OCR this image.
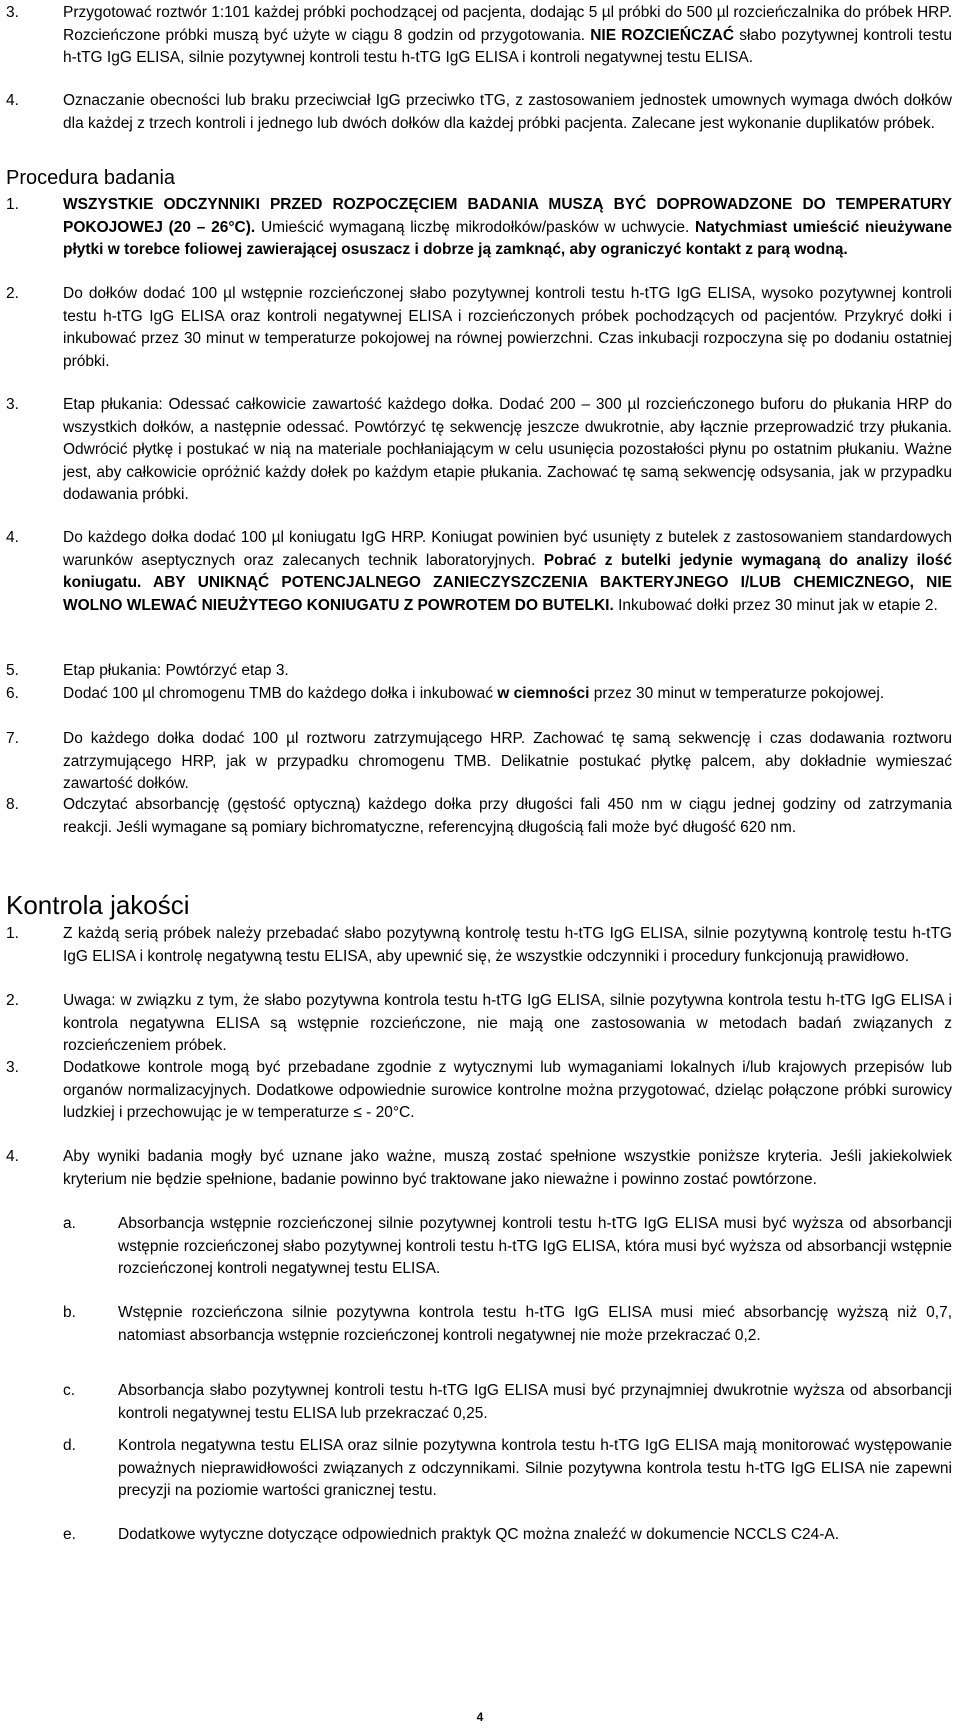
3.	Przygotować roztwór 1:101 każdej próbki pochodzącej od pacjenta, dodając 5 µl próbki do 500 µl rozcieńczalnika do próbek HRP. Rozcieńczone próbki muszą być użyte w ciągu 8 godzin od przygotowania. NIE ROZCIEŃCZAĆ słabo pozytywnej kontroli testu h-tTG IgG ELISA, silnie pozytywnej kontroli testu h-tTG IgG ELISA i kontroli negatywnej testu ELISA.
4.	Oznaczanie obecności lub braku przeciwciał IgG przeciwko tTG, z zastosowaniem jednostek umownych wymaga dwóch dołków dla każdej z trzech kontroli i jednego lub dwóch dołków dla każdej próbki pacjenta. Zalecane jest wykonanie duplikatów próbek.
Procedura badania
1.	WSZYSTKIE ODCZYNNIKI PRZED ROZPOCZĘCIEM BADANIA MUSZĄ BYĆ DOPROWADZONE DO TEMPERATURY POKOJOWEJ (20 – 26°C). Umieścić wymaganą liczbę mikrodołków/pasków w uchwycie. Natychmiast umieścić nieużywane płytki w torebce foliowej zawierającej osuszacz i dobrze ją zamknąć, aby ograniczyć kontakt z parą wodną.
2.	Do dołków dodać 100 µl wstępnie rozcieńczonej słabo pozytywnej kontroli testu h-tTG IgG ELISA, wysoko pozytywnej kontroli testu h-tTG IgG ELISA oraz kontroli negatywnej ELISA i rozcieńczonych próbek pochodzących od pacjentów. Przykryć dołki i inkubować przez 30 minut w temperaturze pokojowej na równej powierzchni. Czas inkubacji rozpoczyna się po dodaniu ostatniej próbki.
3.	Etap płukania: Odessać całkowicie zawartość każdego dołka. Dodać 200 – 300 µl rozcieńczonego buforu do płukania HRP do wszystkich dołków, a następnie odessać. Powtórzyć tę sekwencję jeszcze dwukrotnie, aby łącznie przeprowadzić trzy płukania. Odwrócić płytkę i postukać w nią na materiale pochłaniającym w celu usunięcia pozostałości płynu po ostatnim płukaniu. Ważne jest, aby całkowicie opróżnić każdy dołek po każdym etapie płukania. Zachować tę samą sekwencję odsysania, jak w przypadku dodawania próbki.
4.	Do każdego dołka dodać 100 µl koniugatu IgG HRP. Koniugat powinien być usunięty z butelek z zastosowaniem standardowych warunków aseptycznych oraz zalecanych technik laboratoryjnych. Pobrać z butelki jedynie wymaganą do analizy ilość koniugatu. ABY UNIKNĄĆ POTENCJALNEGO ZANIECZYSZCZENIA BAKTERYJNEGO I/LUB CHEMICZNEGO, NIE WOLNO WLEWAĆ NIEUŻYTEGO KONIUGATU Z POWROTEM DO BUTELKI. Inkubować dołki przez 30 minut jak w etapie 2.
5.	Etap płukania: Powtórzyć etap 3.
6.	Dodać 100 µl chromogenu TMB do każdego dołka i inkubować w ciemności przez 30 minut w temperaturze pokojowej.
7.	Do każdego dołka dodać 100 µl roztworu zatrzymującego HRP. Zachować tę samą sekwencję i czas dodawania roztworu zatrzymującego HRP, jak w przypadku chromogenu TMB. Delikatnie postukać płytkę palcem, aby dokładnie wymieszać zawartość dołków.
8.	Odczytać absorbancję (gęstość optyczną) każdego dołka przy długości fali 450 nm w ciągu jednej godziny od zatrzymania reakcji. Jeśli wymagane są pomiary bichromatyczne, referencyjną długością fali może być długość 620 nm.
Kontrola jakości
1.	Z każdą serią próbek należy przebadać słabo pozytywną kontrolę testu h-tTG IgG ELISA, silnie pozytywną kontrolę testu h-tTG IgG ELISA i kontrolę negatywną testu ELISA, aby upewnić się, że wszystkie odczynniki i procedury funkcjonują prawidłowo.
2.	Uwaga: w związku z tym, że słabo pozytywna kontrola testu h-tTG IgG ELISA, silnie pozytywna kontrola testu h-tTG IgG ELISA i kontrola negatywna ELISA są wstępnie rozcieńczone, nie mają one zastosowania w metodach badań związanych z rozcieńczeniem próbek.
3.	Dodatkowe kontrole mogą być przebadane zgodnie z wytycznymi lub wymaganiami lokalnych i/lub krajowych przepisów lub organów normalizacyjnych. Dodatkowe odpowiednie surowice kontrolne można przygotować, dzieląc połączone próbki surowicy ludzkiej i przechowując je w temperaturze ≤ - 20°C.
4.	Aby wyniki badania mogły być uznane jako ważne, muszą zostać spełnione wszystkie poniższe kryteria. Jeśli jakiekolwiek kryterium nie będzie spełnione, badanie powinno być traktowane jako nieważne i powinno zostać powtórzone.
a.	Absorbancja wstępnie rozcieńczonej silnie pozytywnej kontroli testu h-tTG IgG ELISA musi być wyższa od absorbancji wstępnie rozcieńczonej słabo pozytywnej kontroli testu h-tTG IgG ELISA, która musi być wyższa od absorbancji wstępnie rozcieńczonej kontroli negatywnej testu ELISA.
b.	Wstępnie rozcieńczona silnie pozytywna kontrola testu h-tTG IgG ELISA musi mieć absorbancję wyższą niż 0,7, natomiast absorbancja wstępnie rozcieńczonej kontroli negatywnej nie może przekraczać 0,2.
c.	Absorbancja słabo pozytywnej kontroli testu h-tTG IgG ELISA musi być przynajmniej dwukrotnie wyższa od absorbancji kontroli negatywnej testu ELISA lub przekraczać 0,25.
d.	Kontrola negatywna testu ELISA oraz silnie pozytywna kontrola testu h-tTG IgG ELISA mają monitorować występowanie poważnych nieprawidłowości związanych z odczynnikami. Silnie pozytywna kontrola testu h-tTG IgG ELISA nie zapewni precyzji na poziomie wartości granicznej testu.
e.	Dodatkowe wytyczne dotyczące odpowiednich praktyk QC można znaleźć w dokumencie NCCLS C24-A.
4
